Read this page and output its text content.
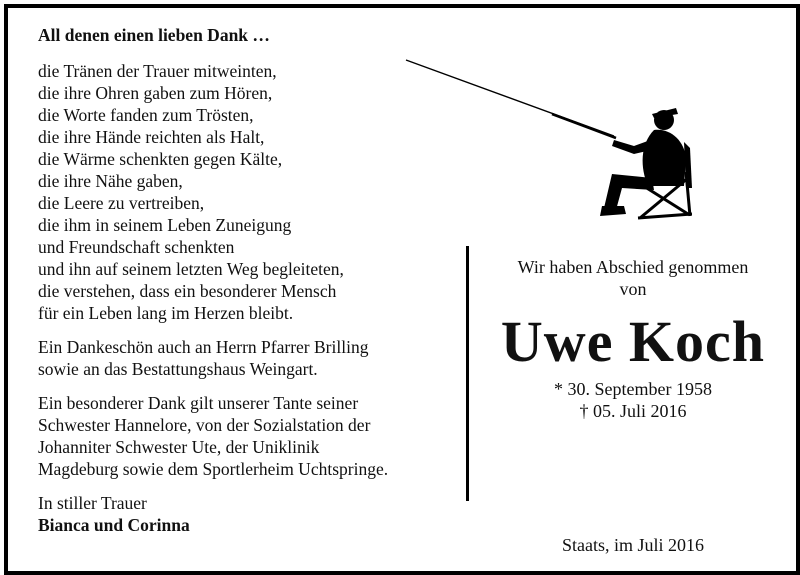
All denen einen lieben Dank …
die Tränen der Trauer mitweinten,
die ihre Ohren gaben zum Hören,
die Worte fanden zum Trösten,
die ihre Hände reichten als Halt,
die Wärme schenkten gegen Kälte,
die ihre Nähe gaben,
die Leere zu vertreiben,
die ihm in seinem Leben Zuneigung
und Freundschaft schenkten
und ihn auf seinem letzten Weg begleiteten,
die verstehen, dass ein besonderer Mensch
für ein Leben lang im Herzen bleibt.
Ein Dankeschön auch an Herrn Pfarrer Brilling
sowie an das Bestattungshaus Weingart.
Ein besonderer Dank gilt unserer Tante seiner
Schwester Hannelore, von der Sozialstation der
Johanniter Schwester Ute, der Uniklinik
Magdeburg sowie dem Sportlerheim Uchtspringe.
In stiller Trauer
Bianca und Corinna
Wir haben Abschied genommen
von
Uwe Koch
* 30. September 1958
† 05. Juli 2016
Staats, im Juli 2016
